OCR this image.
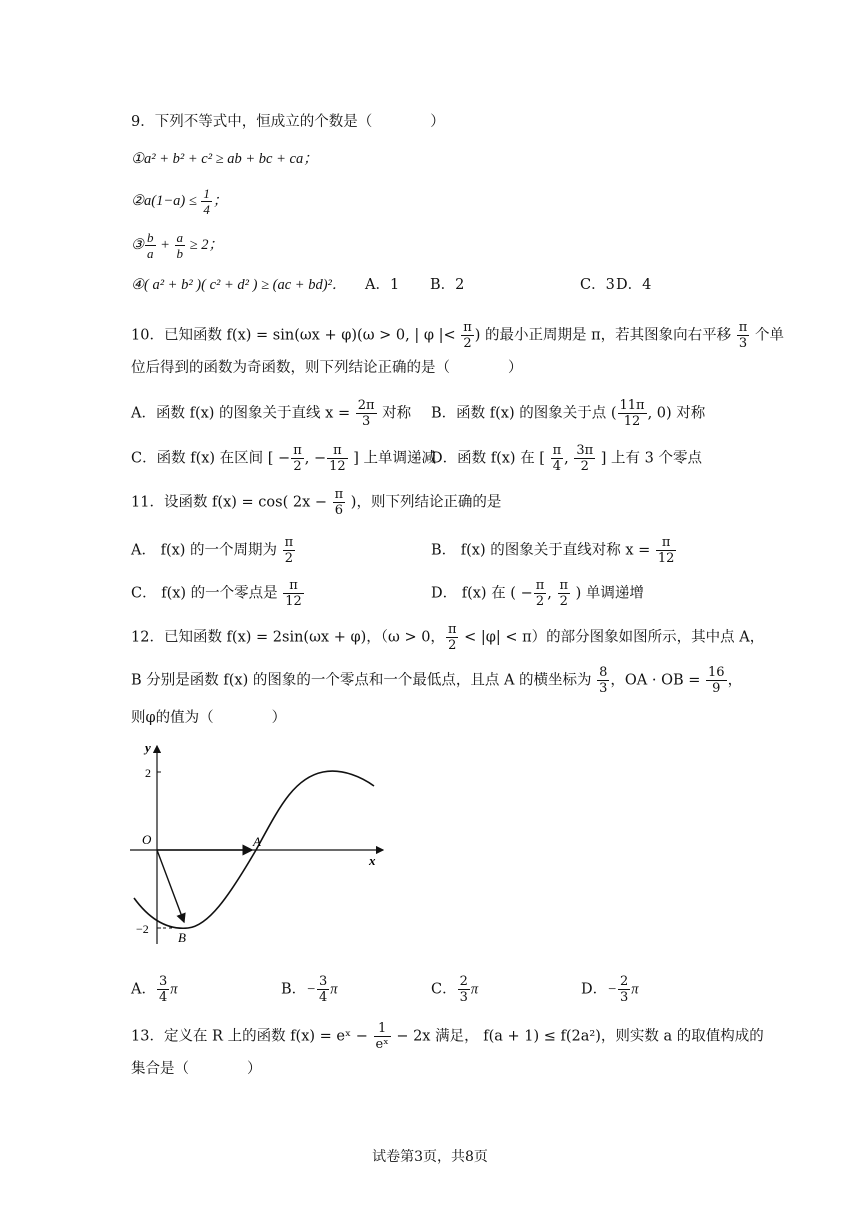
9．下列不等式中，恒成立的个数是（　　　　）
①a² + b² + c² ≥ ab + bc + ca；
②a(1−a) ≤ $\frac{1}{4}$ ；
③ $\frac{b}{a} + \frac{a}{b} \ge 2$；
④( a² + b² )( c² + d² ) ≥ (ac + bd)²． A．1 B．2	C．3 D．4
10．已知函数 f(x) = sin(ωx + φ)(ω > 0, | φ |< $\frac{\pi}{2}$ ) 的最小正周期是 π，若其图象向右平移 $\frac{\pi}{3}$ 个单
位后得到的函数为奇函数，则下列结论正确的是（　　　　）
A．函数 f(x) 的图象关于直线 $x = \frac{2\pi}{3}$ 对称 B．函数 f(x) 的图象关于点 ( $\frac{11\pi}{12}$ , 0) 对称
C．函数 f(x) 在区间 [ − $\frac{\pi}{2}$ , − $\frac{\pi}{12}$ ] 上单调递减
D．函数 f(x) 在 [ $\frac{\pi}{4}$ , $\frac{3\pi}{2}$ ] 上有 3 个零点
11．设函数 f(x) = cos( $2x - \frac{\pi}{6}$ )，则下列结论正确的是
A． f(x) 的一个周期为 $\frac{\pi}{2}$	B． f(x) 的图象关于直线对称 $x = \frac{\pi}{12}$
C． f(x) 的一个零点是 $\frac{\pi}{12}$	D． f(x) 在 ( − $\frac{\pi}{2}$ , $\frac{\pi}{2}$ ) 单调递增
12．已知函数 f(x) = 2sin(ωx + φ)，（ω > 0， $\frac{\pi}{2} < |\varphi| < \pi$）的部分图象如图所示，其中点 A，
B 分别是函数 f(x) 的图象的一个零点和一个最低点，且点 A 的横坐标为 $\frac{8}{3}$ ，OA · OB = $\frac{16}{9}$ ，
则φ的值为（　　　　）
y
x
O	A
B
2
−2
A． $\frac{3}{4}$ π	B．− $\frac{3}{4}$ π	C． $\frac{2}{3}$ π	D．− $\frac{2}{3}$ π
13．定义在 R 上的函数 f(x) = eˣ − $\frac{1}{\text{eˣ}} - 2x$ 满足， f(a + 1) ≤ f(2a²)，则实数 a 的取值构成的
集合是（　　　　）
试卷第3页，共8页
